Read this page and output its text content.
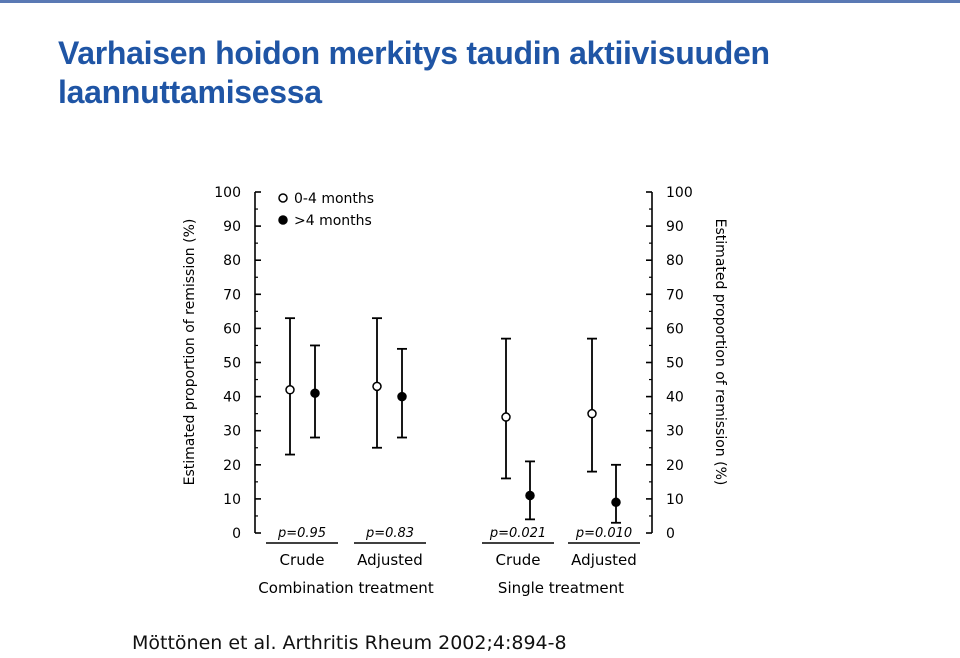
Varhaisen hoidon merkitys taudin aktiivisuuden laannuttamisessa
Estimated proportion of remission (%)	Estimated proportion of remission (%)
0
10
20
30
40
50
60
70
80
90
100
0
10
20
30
40
50
60
70
80
90
100
0-4 months
>4 months
p=0.95
Crude
p=0.83
Adjusted
Combination treatment
p=0.021
Crude
p=0.010
Adjusted
Single treatment
Möttönen et al. Arthritis Rheum 2002;4:894-8
